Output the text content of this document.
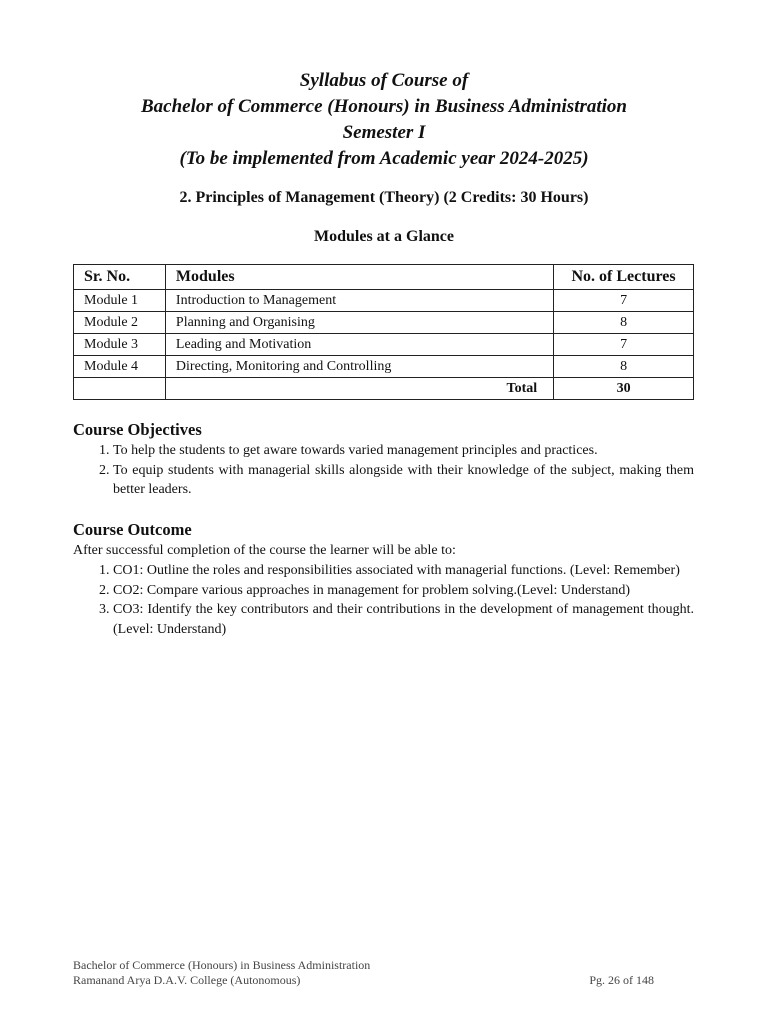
Syllabus of Course of
Bachelor of Commerce (Honours) in Business Administration
Semester I
(To be implemented from Academic year 2024-2025)
2. Principles of Management (Theory) (2 Credits: 30 Hours)
Modules at a Glance
Sr. No.	Modules	No. of Lectures
Module 1	Introduction to Management	7
Module 2	Planning and Organising	8
Module 3	Leading and Motivation	7
Module 4	Directing, Monitoring and Controlling	8
	Total	30
Course Objectives
1. To help the students to get aware towards varied management principles and practices.
2. To equip students with managerial skills alongside with their knowledge of the subject, making them better leaders.
Course Outcome
After successful completion of the course the learner will be able to:
1. CO1: Outline the roles and responsibilities associated with managerial functions. (Level: Remember)
2. CO2: Compare various approaches in management for problem solving.(Level: Understand)
3. CO3: Identify the key contributors and their contributions in the development of management thought. (Level: Understand)
Bachelor of Commerce (Honours) in Business Administration
Ramanand Arya D.A.V. College (Autonomous)	Pg. 26 of 148
